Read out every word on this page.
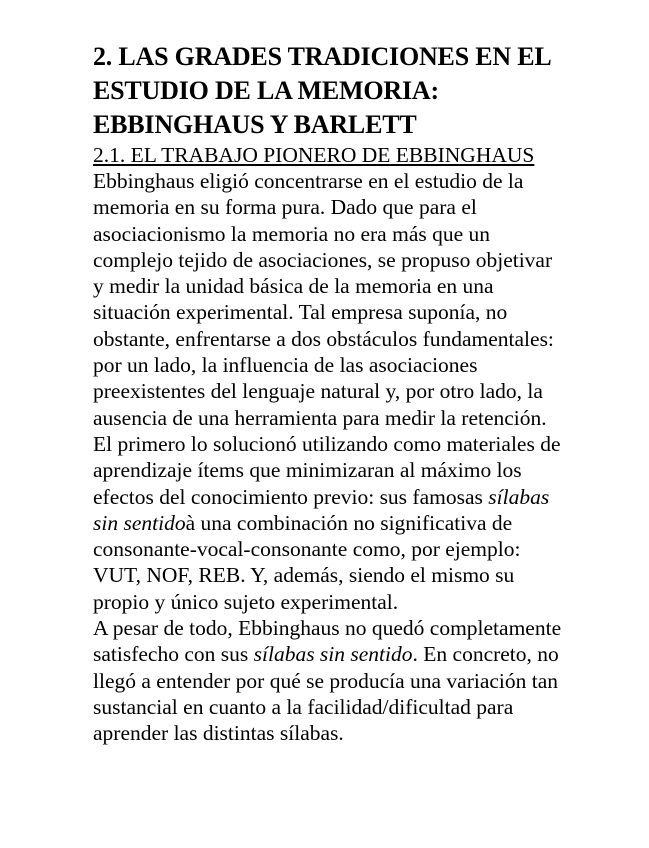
2. LAS GRADES TRADICIONES EN EL ESTUDIO DE LA MEMORIA: EBBINGHAUS Y BARLETT
2.1. EL TRABAJO PIONERO DE EBBINGHAUS

Ebbinghaus eligió concentrarse en el estudio de la memoria en su forma pura. Dado que para el asociacionismo la memoria no era más que un complejo tejido de asociaciones, se propuso objetivar y medir la unidad básica de la memoria en una situación experimental. Tal empresa suponía, no obstante, enfrentarse a dos obstáculos fundamentales: por un lado, la influencia de las asociaciones preexistentes del lenguaje natural y, por otro lado, la ausencia de una herramienta para medir la retención. El primero lo solucionó utilizando como materiales de aprendizaje ítems que minimizaran al máximo los efectos del conocimiento previo: sus famosas sílabas sin sentidoà una combinación no significativa de consonante-vocal-consonante como, por ejemplo: VUT, NOF, REB. Y, además, siendo el mismo su propio y único sujeto experimental.

A pesar de todo, Ebbinghaus no quedó completamente satisfecho con sus sílabas sin sentido. En concreto, no llegó a entender por qué se producía una variación tan sustancial en cuanto a la facilidad/dificultad para aprender las distintas sílabas.
